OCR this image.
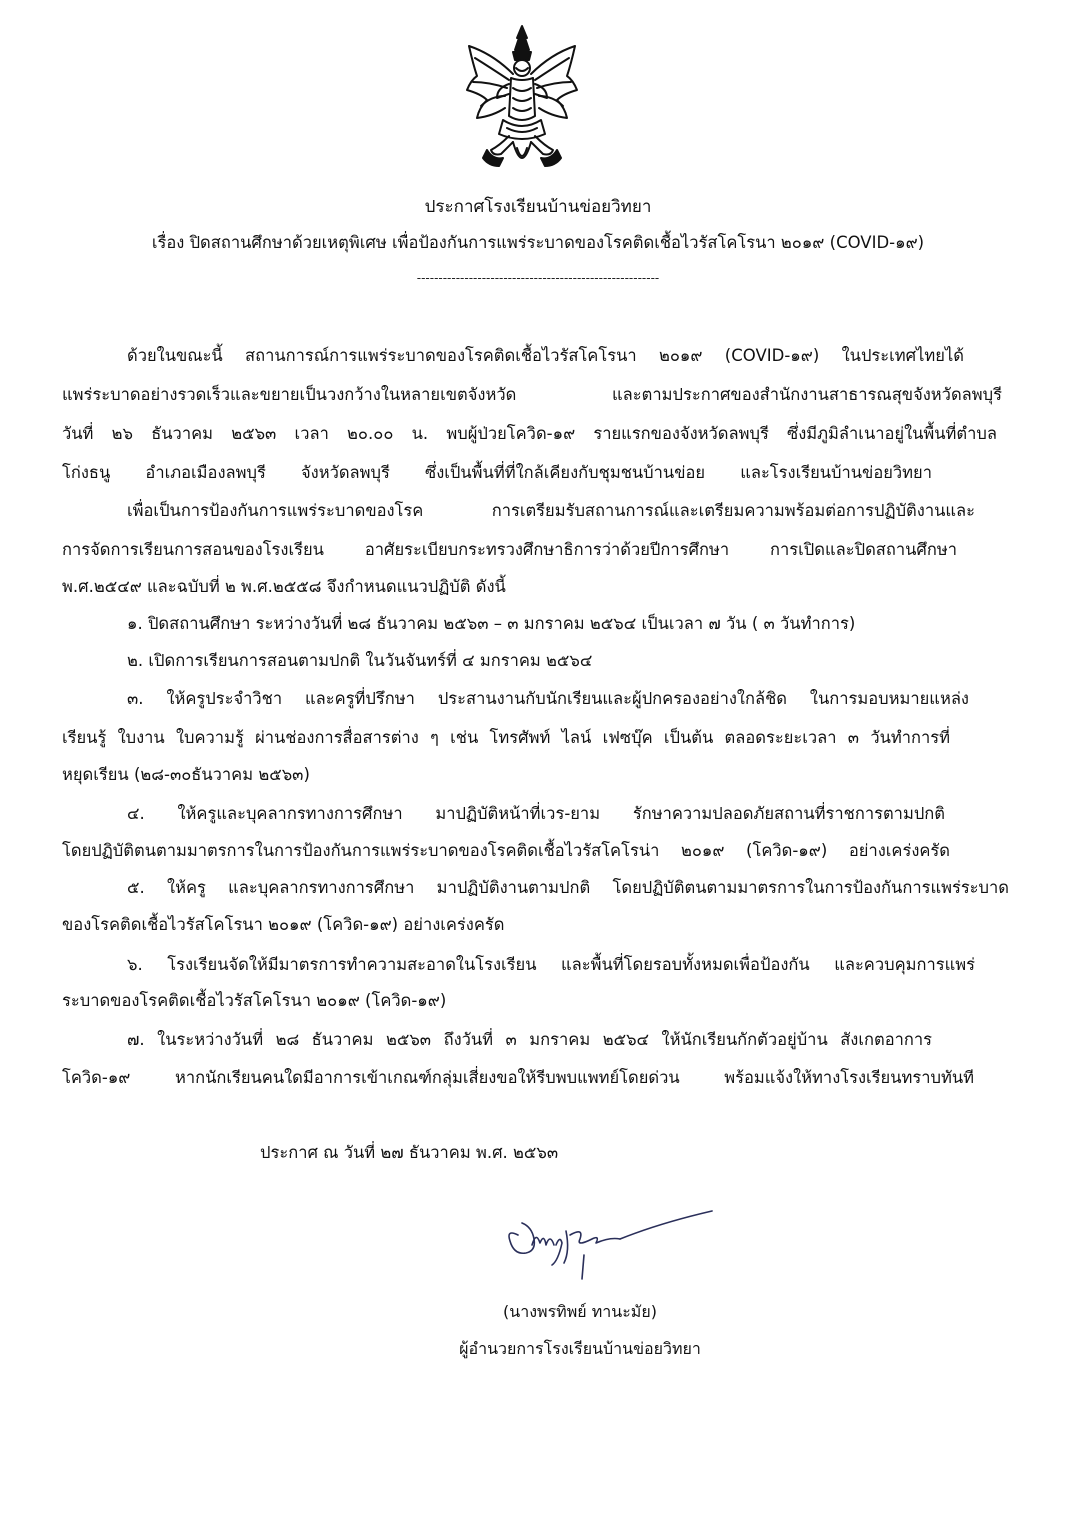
ประกาศโรงเรียนบ้านข่อยวิทยา
เรื่อง ปิดสถานศึกษาด้วยเหตุพิเศษ เพื่อป้องกันการแพร่ระบาดของโรคติดเชื้อไวรัสโคโรนา ๒๐๑๙ (COVID-๑๙)
--------------------------------------------------------
ด้วยในขณะนี้ สถานการณ์การแพร่ระบาดของโรคติดเชื้อไวรัสโคโรนา ๒๐๑๙ (COVID-๑๙) ในประเทศไทยได้
แพร่ระบาดอย่างรวดเร็วและขยายเป็นวงกว้างในหลายเขตจังหวัด และตามประกาศของสำนักงานสาธารณสุขจังหวัดลพบุรี
วันที่ ๒๖ ธันวาคม ๒๕๖๓ เวลา ๒๐.๐๐ น. พบผู้ป่วยโควิด-๑๙ รายแรกของจังหวัดลพบุรี ซึ่งมีภูมิลำเนาอยู่ในพื้นที่ตำบล
โก่งธนู อำเภอเมืองลพบุรี จังหวัดลพบุรี ซึ่งเป็นพื้นที่ที่ใกล้เคียงกับชุมชนบ้านข่อย และโรงเรียนบ้านข่อยวิทยา
เพื่อเป็นการป้องกันการแพร่ระบาดของโรค การเตรียมรับสถานการณ์และเตรียมความพร้อมต่อการปฏิบัติงานและ
การจัดการเรียนการสอนของโรงเรียน อาศัยระเบียบกระทรวงศึกษาธิการว่าด้วยปีการศึกษา การเปิดและปิดสถานศึกษา
พ.ศ.๒๕๔๙ และฉบับที่ ๒ พ.ศ.๒๕๕๘ จึงกำหนดแนวปฏิบัติ ดังนี้
๑. ปิดสถานศึกษา ระหว่างวันที่ ๒๘ ธันวาคม ๒๕๖๓ – ๓ มกราคม ๒๕๖๔ เป็นเวลา ๗ วัน ( ๓ วันทำการ)
๒. เปิดการเรียนการสอนตามปกติ ในวันจันทร์ที่ ๔ มกราคม ๒๕๖๔
๓. ให้ครูประจำวิชา และครูที่ปรึกษา ประสานงานกับนักเรียนและผู้ปกครองอย่างใกล้ชิด ในการมอบหมายแหล่ง
เรียนรู้ ใบงาน ใบความรู้ ผ่านช่องการสื่อสารต่าง ๆ เช่น โทรศัพท์ ไลน์ เฟซบุ๊ค เป็นต้น ตลอดระยะเวลา ๓ วันทำการที่
หยุดเรียน (๒๘-๓๐ธันวาคม ๒๕๖๓)
๔. ให้ครูและบุคลากรทางการศึกษา มาปฏิบัติหน้าที่เวร-ยาม รักษาความปลอดภัยสถานที่ราชการตามปกติ
โดยปฏิบัติตนตามมาตรการในการป้องกันการแพร่ระบาดของโรคติดเชื้อไวรัสโคโรน่า ๒๐๑๙ (โควิด-๑๙) อย่างเคร่งครัด
๕. ให้ครู และบุคลากรทางการศึกษา มาปฏิบัติงานตามปกติ โดยปฏิบัติตนตามมาตรการในการป้องกันการแพร่ระบาด
ของโรคติดเชื้อไวรัสโคโรนา ๒๐๑๙ (โควิด-๑๙) อย่างเคร่งครัด
๖. โรงเรียนจัดให้มีมาตรการทำความสะอาดในโรงเรียน และพื้นที่โดยรอบทั้งหมดเพื่อป้องกัน และควบคุมการแพร่
ระบาดของโรคติดเชื้อไวรัสโคโรนา ๒๐๑๙ (โควิด-๑๙)
๗. ในระหว่างวันที่ ๒๘ ธันวาคม ๒๕๖๓ ถึงวันที่ ๓ มกราคม ๒๕๖๔ ให้นักเรียนกักตัวอยู่บ้าน สังเกตอาการ
โควิด-๑๙ หากนักเรียนคนใดมีอาการเข้าเกณฑ์กลุ่มเสี่ยงขอให้รีบพบแพทย์โดยด่วน พร้อมแจ้งให้ทางโรงเรียนทราบทันที
ประกาศ ณ วันที่ ๒๗ ธันวาคม พ.ศ. ๒๕๖๓
(นางพรทิพย์ ทานะมัย)
ผู้อำนวยการโรงเรียนบ้านข่อยวิทยา
